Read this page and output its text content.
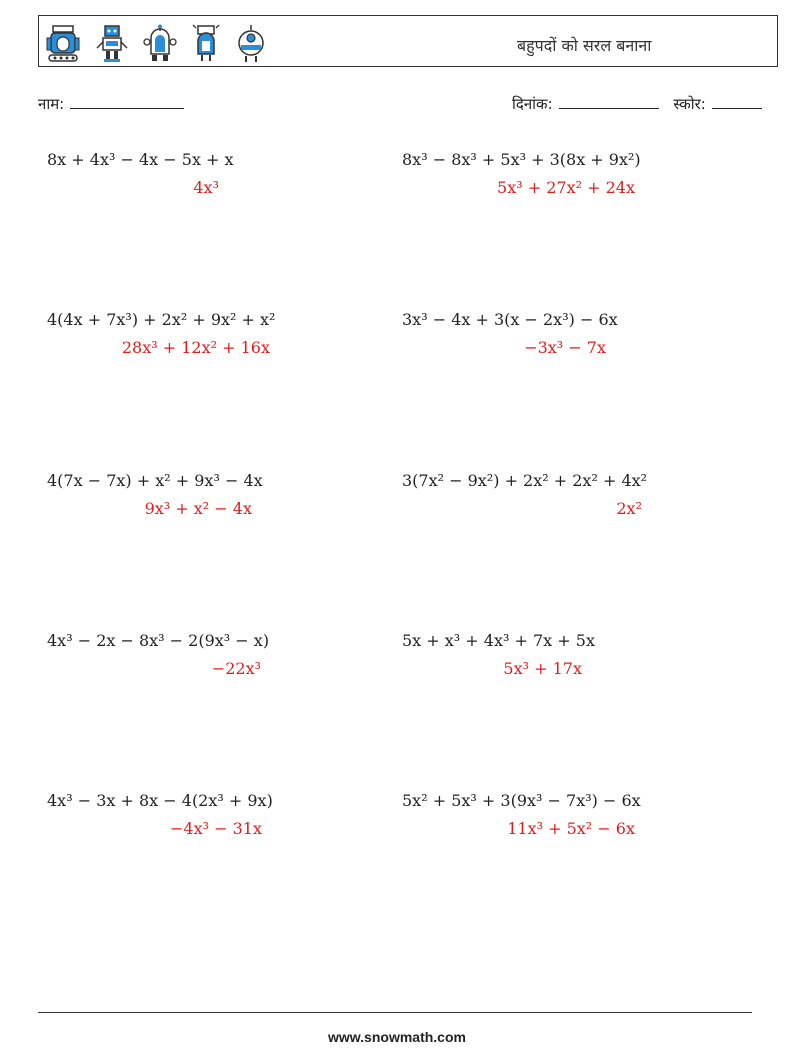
बहुपदों को सरल बनाना
नाम:	दिनांक:	स्कोर:
8x + 4x³ − 4x − 5x + x
4x³
4(4x + 7x³) + 2x² + 9x² + x²
28x³ + 12x² + 16x
4(7x − 7x) + x² + 9x³ − 4x
9x³ + x² − 4x
4x³ − 2x − 8x³ − 2(9x³ − x)
−22x³
4x³ − 3x + 8x − 4(2x³ + 9x)
−4x³ − 31x
8x³ − 8x³ + 5x³ + 3(8x + 9x²)
5x³ + 27x² + 24x
3x³ − 4x + 3(x − 2x³) − 6x
−3x³ − 7x
3(7x² − 9x²) + 2x² + 2x² + 4x²
2x²
5x + x³ + 4x³ + 7x + 5x
5x³ + 17x
5x² + 5x³ + 3(9x³ − 7x³) − 6x
11x³ + 5x² − 6x
www.snowmath.com
